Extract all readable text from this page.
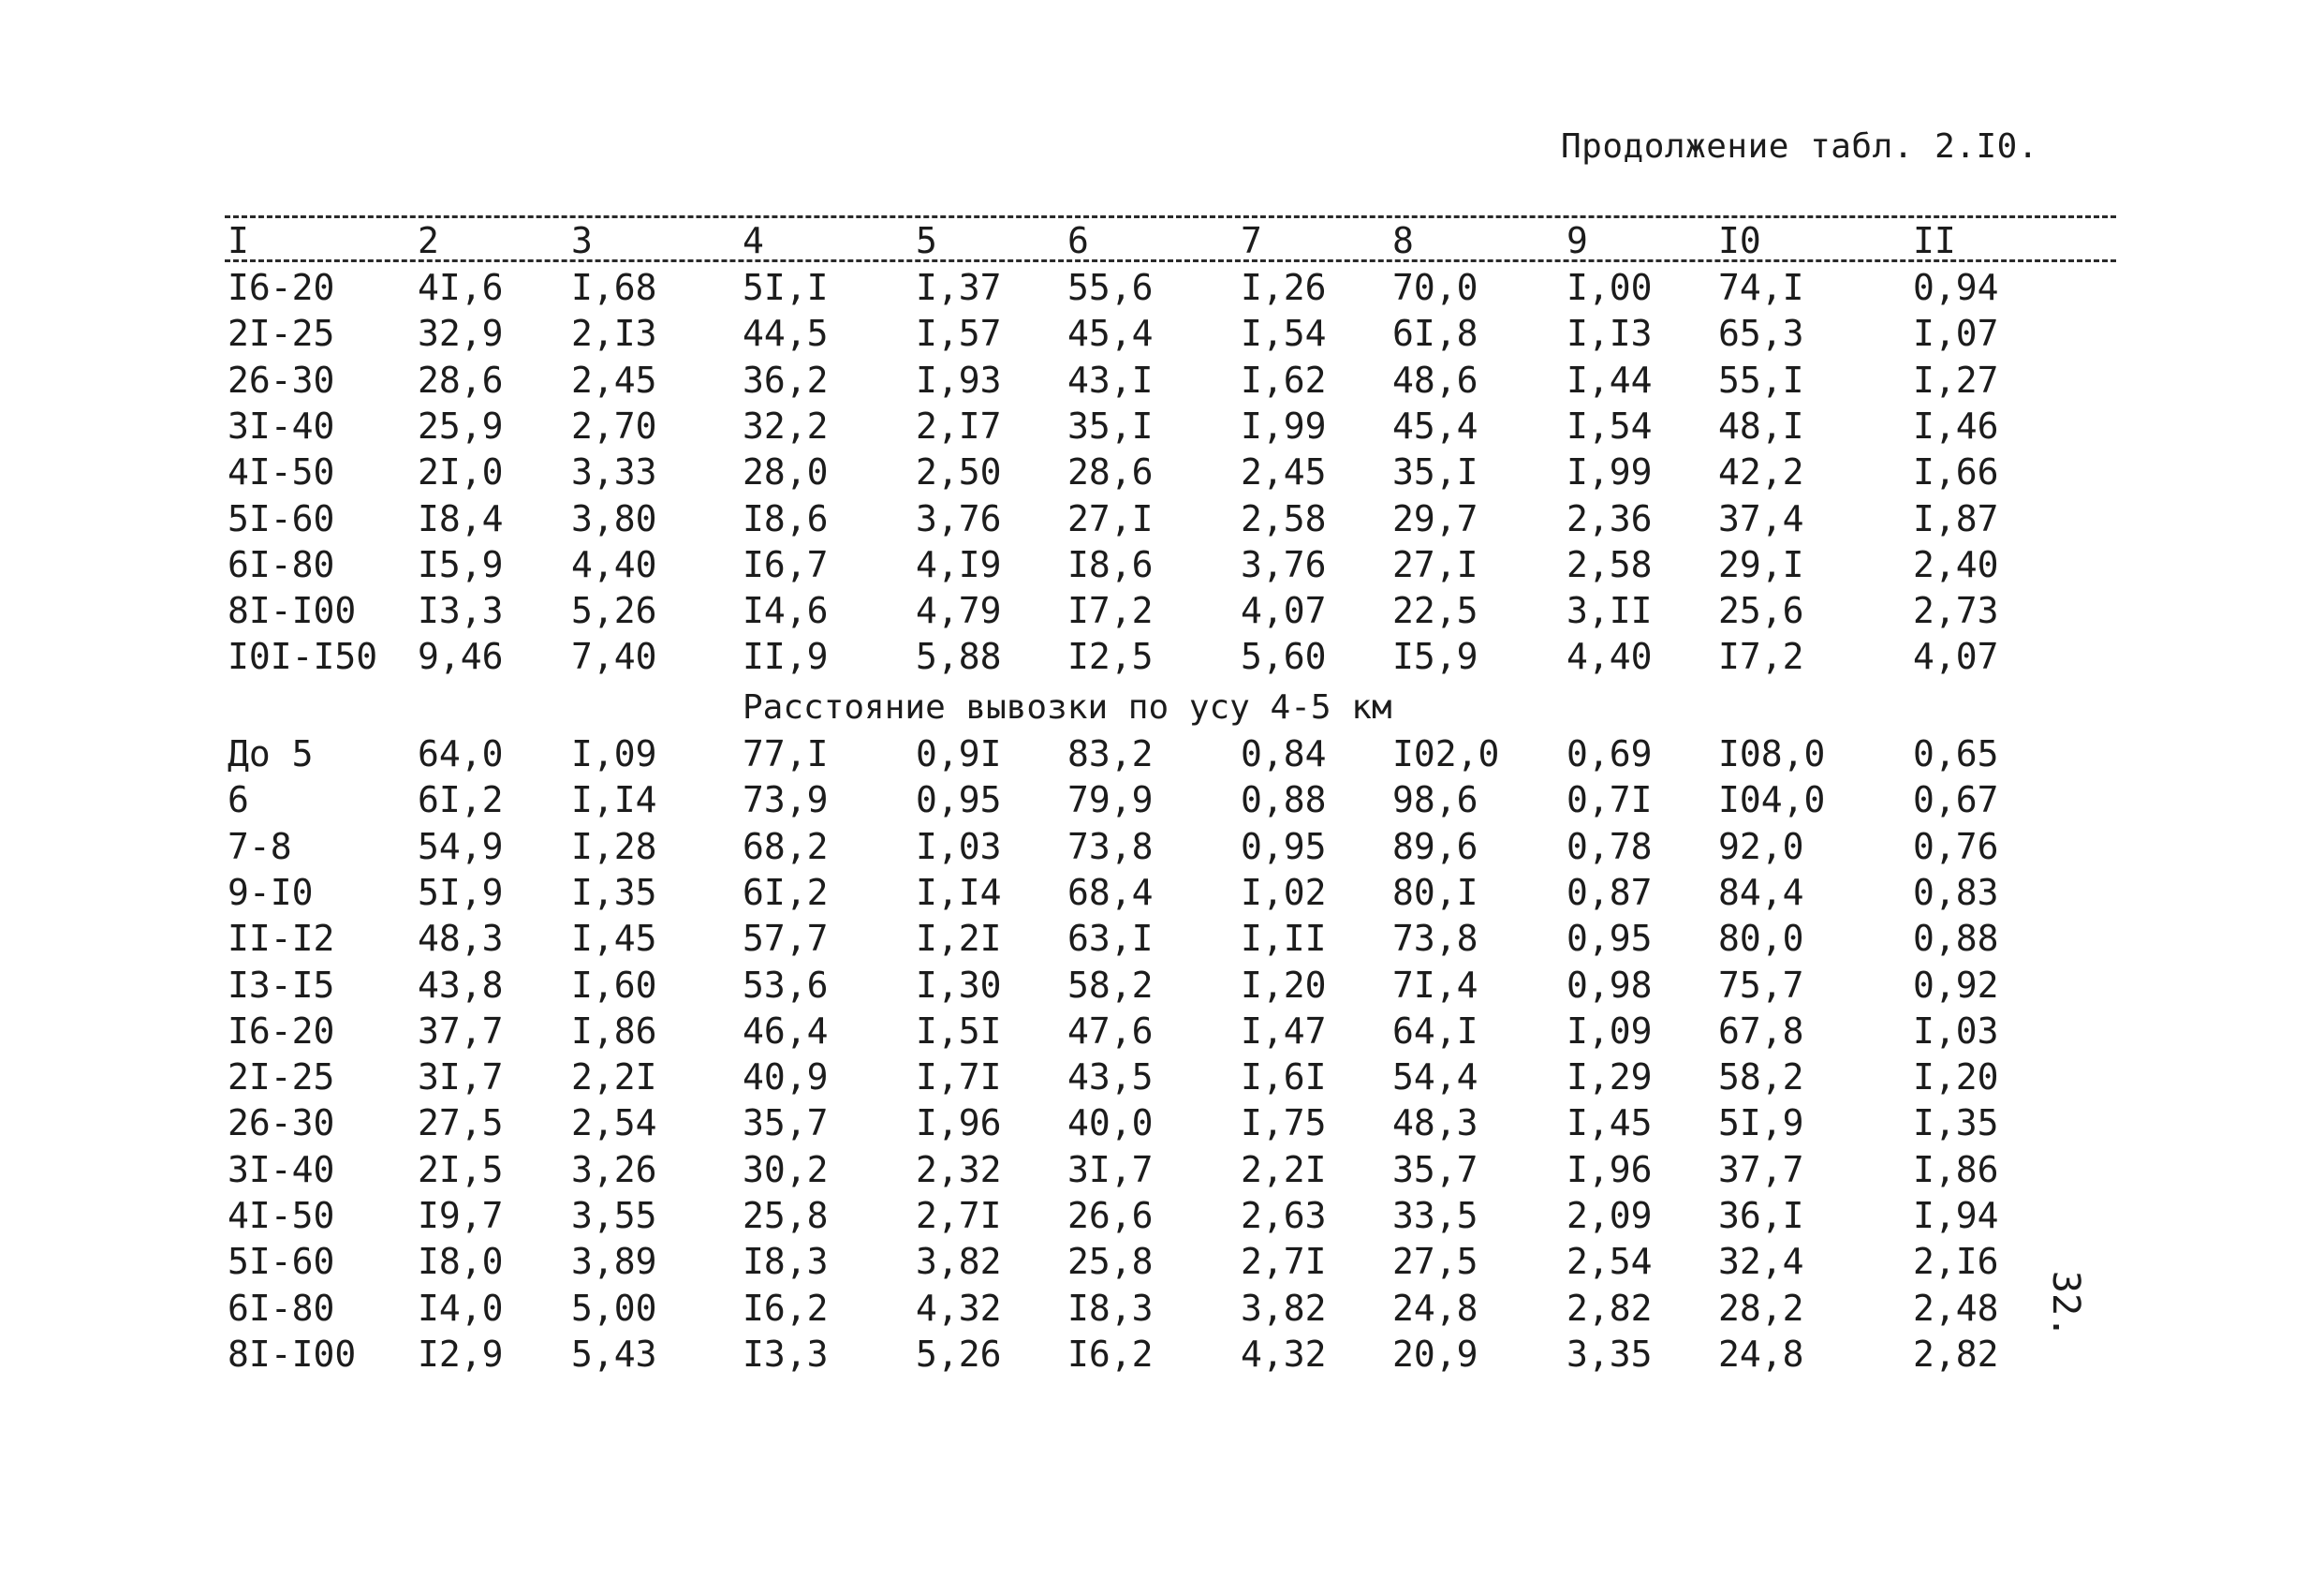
Продолжение табл. 2.I0.
I	2	3	4	5	6	7	8	9	I0	II
I6-20 4I,6 I,68 5I,I I,37 55,6 I,26 70,0 I,00 74,I	0,94
2I-25 32,9 2,I3 44,5 I,57 45,4 I,54 6I,8 I,I3 65,3	I,07
26-30 28,6 2,45 36,2 I,93 43,I I,62 48,6 I,44 55,I	I,27
3I-40 25,9 2,70 32,2 2,I7 35,I I,99 45,4 I,54 48,I	I,46
4I-50 2I,0 3,33 28,0 2,50 28,6 2,45 35,I I,99 42,2	I,66
5I-60 I8,4 3,80 I8,6 3,76 27,I 2,58 29,7 2,36 37,4	I,87
6I-80 I5,9 4,40 I6,7 4,I9 I8,6 3,76 27,I 2,58 29,I	2,40
8I-I00 I3,3 5,26 I4,6 4,79 I7,2 4,07 22,5 3,II 25,6	2,73
I0I-I50 9,46 7,40 II,9 5,88 I2,5 5,60 I5,9 4,40 I7,2	4,07
Расстояние вывозки по усу 4-5 км
До 5	64,0 I,09 77,I 0,9I 83,2 0,84 I02,0 0,69 I08,0 0,65
6	6I,2 I,I4 73,9 0,95 79,9 0,88 98,6 0,7I I04,0 0,67
7-8	54,9 I,28 68,2 I,03 73,8 0,95 89,6 0,78 92,0	0,76
9-I0	5I,9 I,35 6I,2 I,I4 68,4 I,02 80,I 0,87 84,4	0,83
II-I2 48,3 I,45 57,7 I,2I 63,I I,II 73,8 0,95 80,0	0,88
I3-I5 43,8 I,60 53,6 I,30 58,2 I,20 7I,4 0,98 75,7	0,92
I6-20 37,7 I,86 46,4 I,5I 47,6 I,47 64,I I,09 67,8	I,03
2I-25 3I,7 2,2I 40,9 I,7I 43,5 I,6I 54,4 I,29 58,2	I,20
26-30 27,5 2,54 35,7 I,96 40,0 I,75 48,3 I,45 5I,9	I,35
3I-40 2I,5 3,26 30,2 2,32 3I,7 2,2I 35,7 I,96 37,7	I,86
4I-50 I9,7 3,55 25,8 2,7I 26,6 2,63 33,5 2,09 36,I	I,94
5I-60 I8,0 3,89 I8,3 3,82 25,8 2,7I 27,5 2,54 32,4	2,I6
6I-80 I4,0 5,00 I6,2 4,32 I8,3 3,82 24,8 2,82 28,2	2,48
8I-I00 I2,9 5,43 I3,3 5,26 I6,2 4,32 20,9 3,35 24,8	2,82
32.
